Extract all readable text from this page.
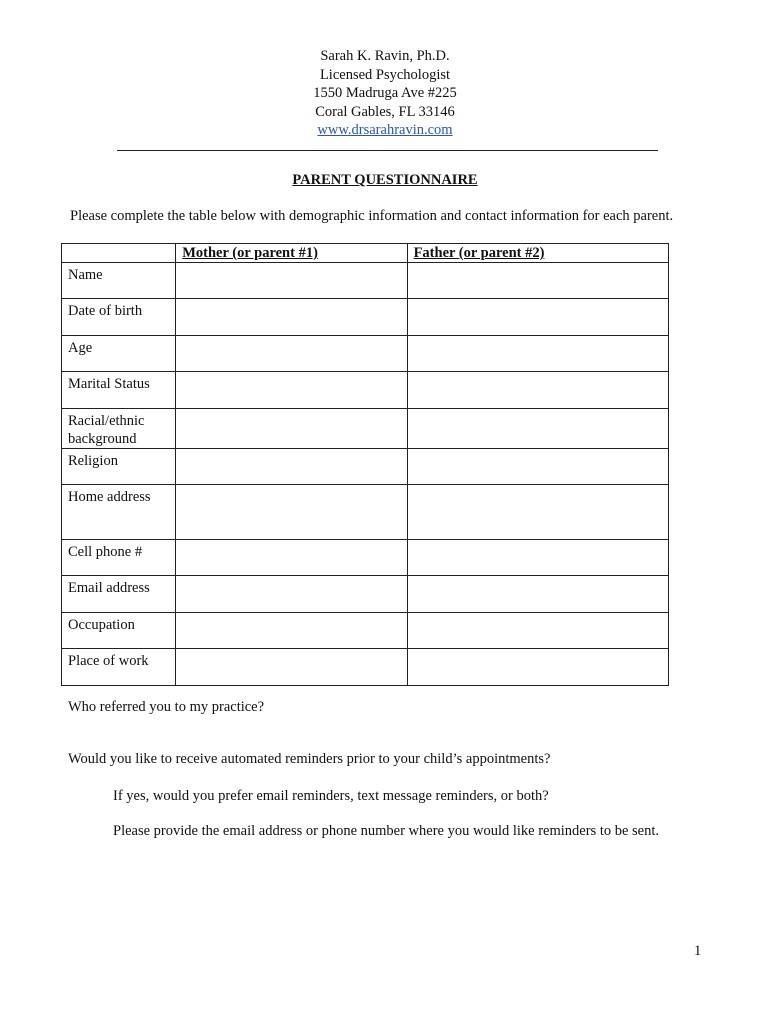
Sarah K. Ravin, Ph.D.
Licensed Psychologist
1550 Madruga Ave #225
Coral Gables, FL 33146
www.drsarahravin.com
PARENT QUESTIONNAIRE
Please complete the table below with demographic information and contact information for each parent.
	Mother (or parent #1)	Father (or parent #2)
Name		
Date of birth		
Age		
Marital Status		
Racial/ethnic background		
Religion		
Home address		
Cell phone #		
Email address		
Occupation		
Place of work		
Who referred you to my practice?
Would you like to receive automated reminders prior to your child’s appointments?
If yes, would you prefer email reminders, text message reminders, or both?
Please provide the email address or phone number where you would like reminders to be sent.
1
